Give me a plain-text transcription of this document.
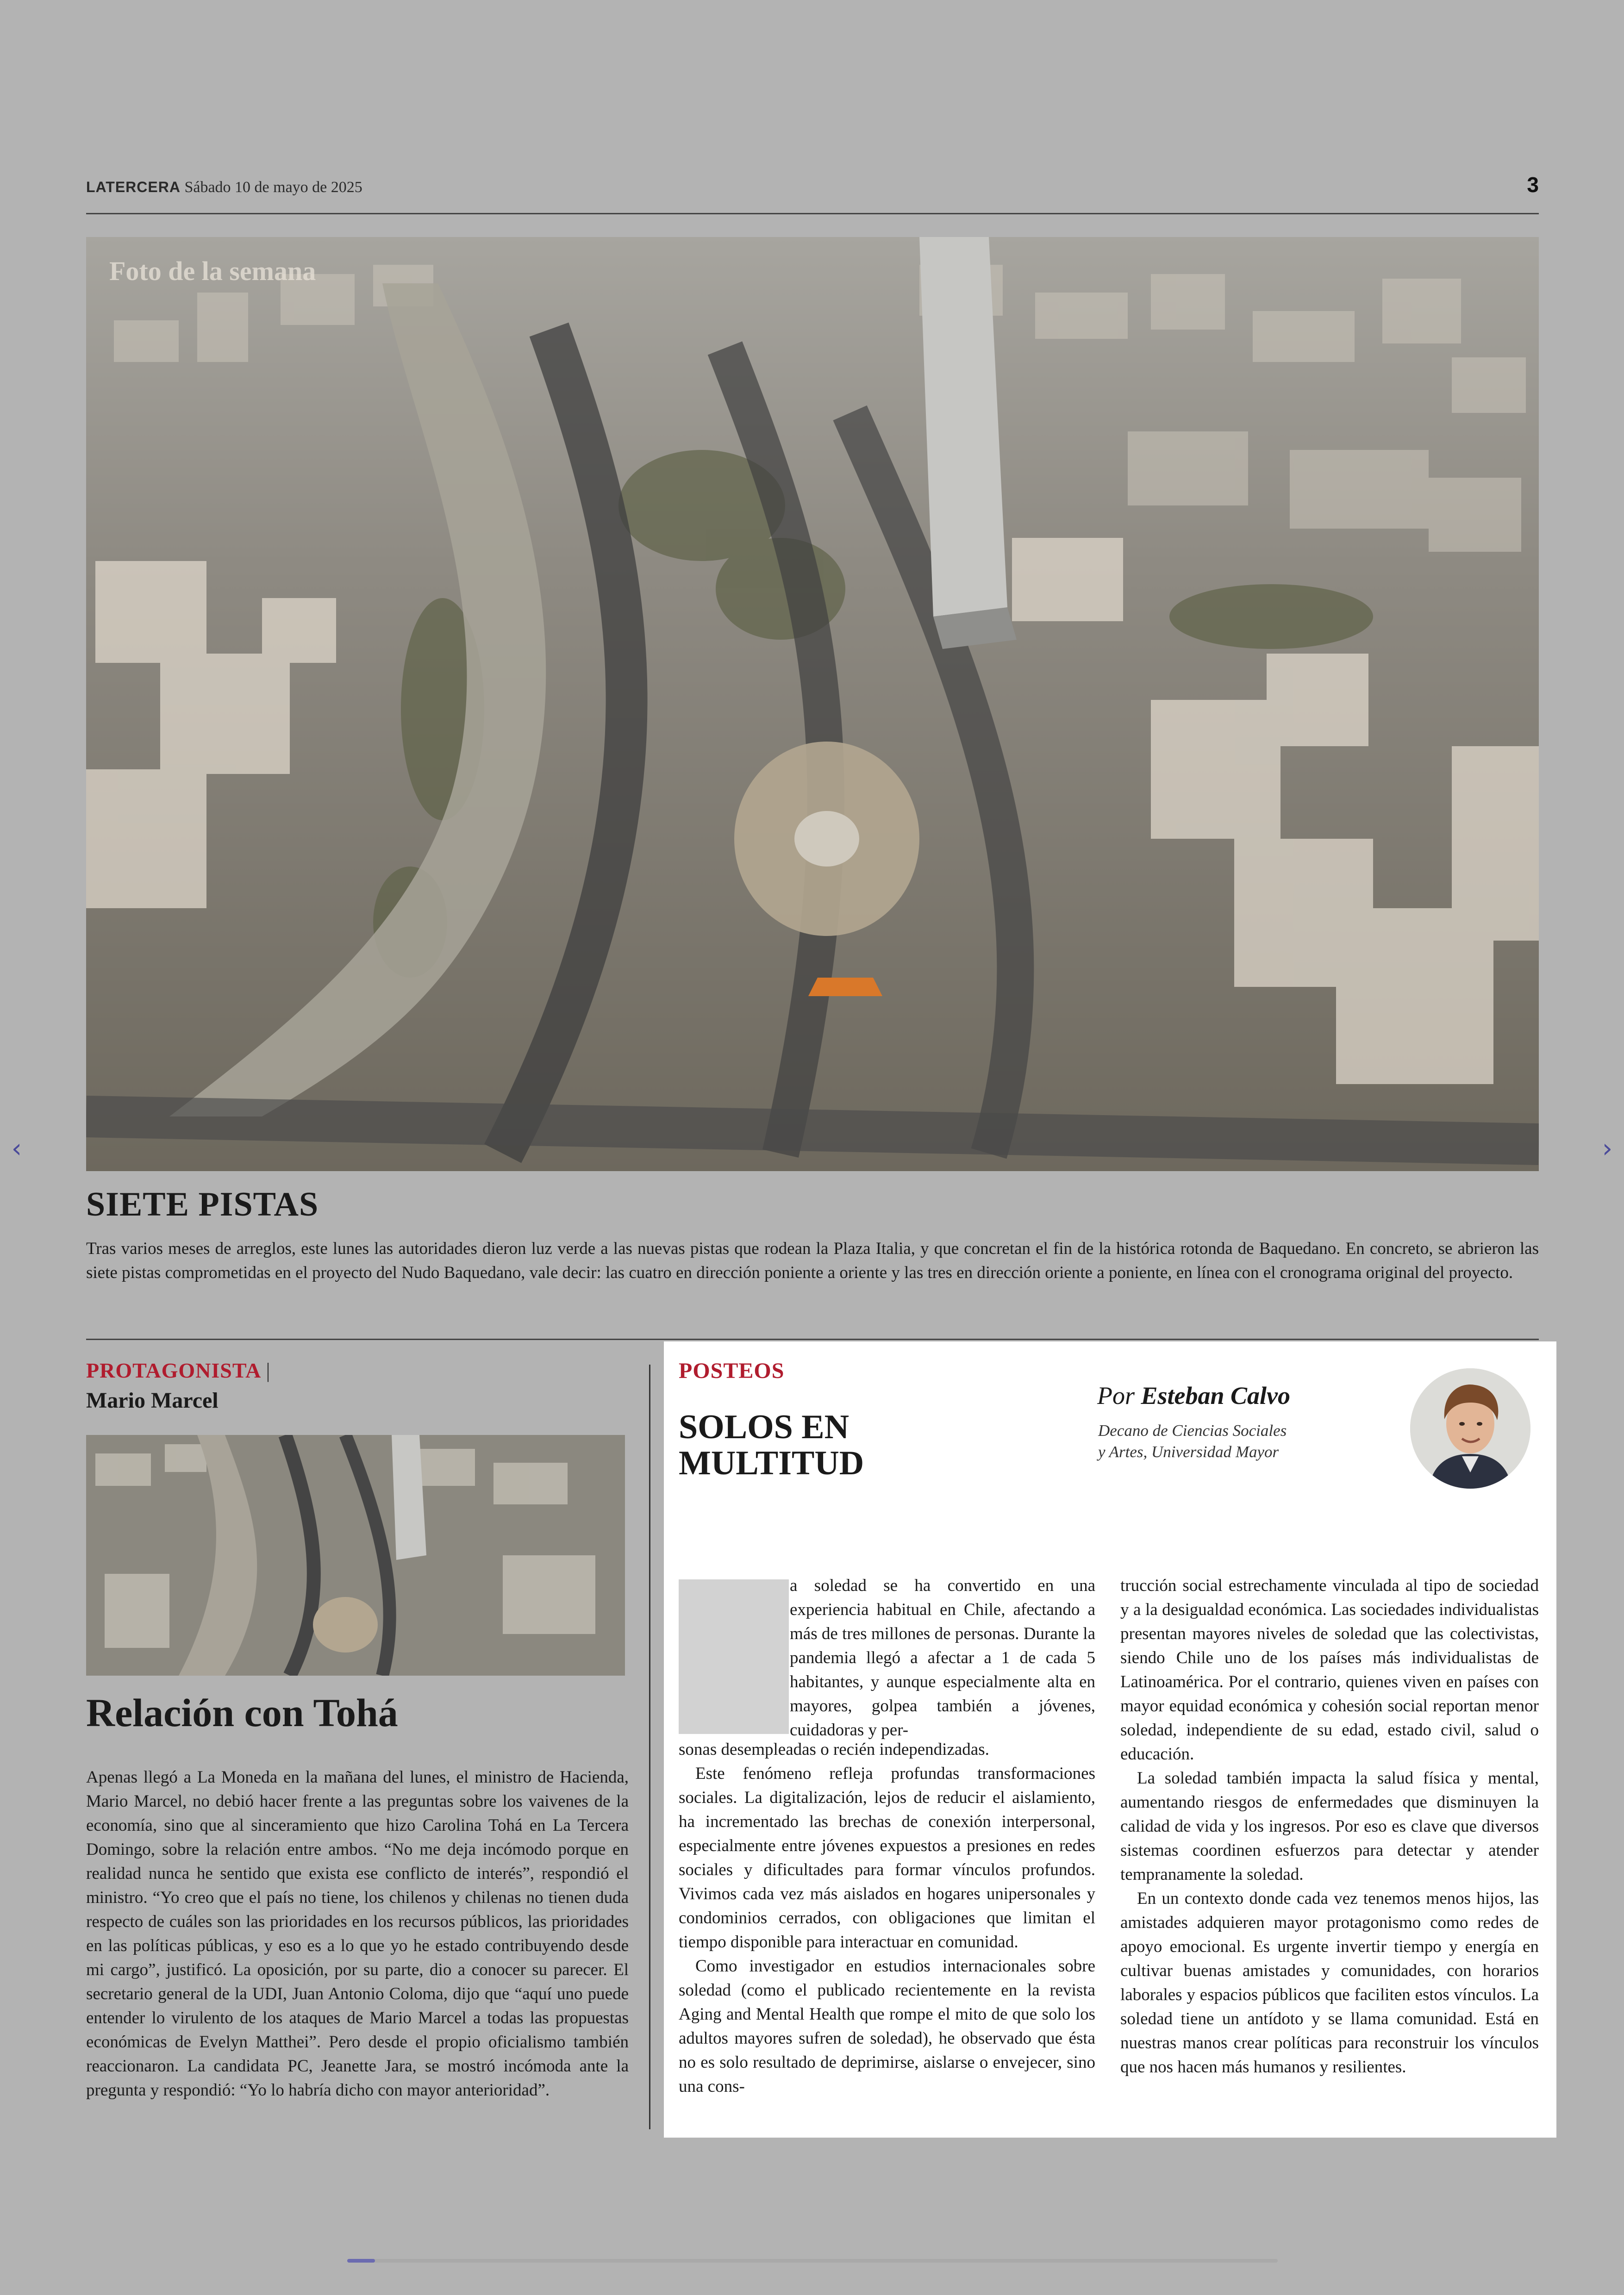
LATERCERA Sábado 10 de mayo de 2025	3
Foto de la semana
‹	›
SIETE PISTAS
Tras varios meses de arreglos, este lunes las autoridades dieron luz verde a las nuevas pistas que rodean la Plaza Italia, y que concretan el fin de la histórica rotonda de Baquedano. En concreto, se abrieron las siete pistas comprometidas en el proyecto del Nudo Baquedano, vale decir: las cuatro en dirección poniente a oriente y las tres en dirección oriente a poniente, en línea con el cronograma original del proyecto.
PROTAGONISTA |
Mario Marcel
Relación con Tohá

Apenas llegó a La Moneda en la mañana del lunes, el ministro de Hacienda, Mario Marcel, no debió hacer frente a las preguntas sobre los vaivenes de la economía, sino que al sinceramiento que hizo Carolina Tohá en La Tercera Domingo, sobre la relación entre ambos. “No me deja incómodo porque en realidad nunca he sentido que exista ese conflicto de interés”, respondió el ministro. “Yo creo que el país no tiene, los chilenos y chilenas no tienen duda respecto de cuáles son las prioridades en los recursos públicos, las prioridades en las políticas públicas, y eso es a lo que yo he estado contribuyendo desde mi cargo”, justificó. La oposición, por su parte, dio a conocer su parecer. El secretario general de la UDI, Juan Antonio Coloma, dijo que “aquí uno puede entender lo virulento de los ataques de Mario Marcel a todas las propuestas económicas de Evelyn Matthei”. Pero desde el propio oficialismo también reaccionaron. La candidata PC, Jeanette Jara, se mostró incómoda ante la pregunta y respondió: “Yo lo habría dicho con mayor anterioridad”.

POSTEOS
SOLOS EN MULTITUD
Por Esteban Calvo
Decano de Ciencias Sociales
y Artes, Universidad Mayor

a soledad se ha convertido en una experiencia habitual en Chile, afectando a más de tres millones de personas. Durante la pandemia llegó a afectar a 1 de cada 5 habitantes, y aunque especialmente alta en mayores, golpea también a jóvenes, cuidadoras y per-

sonas desempleadas o recién independizadas.

Este fenómeno refleja profundas transformaciones sociales. La digitalización, lejos de reducir el aislamiento, ha incrementado las brechas de conexión interpersonal, especialmente entre jóvenes expuestos a presiones en redes sociales y dificultades para formar vínculos profundos. Vivimos cada vez más aislados en hogares unipersonales y condominios cerrados, con obligaciones que limitan el tiempo disponible para interactuar en comunidad.

Como investigador en estudios internacionales sobre soledad (como el publicado recientemente en la revista Aging and Mental Health que rompe el mito de que solo los adultos mayores sufren de soledad), he observado que ésta no es solo resultado de deprimirse, aislarse o envejecer, sino una cons-

trucción social estrechamente vinculada al tipo de sociedad y a la desigualdad económica. Las sociedades individualistas presentan mayores niveles de soledad que las colectivistas, siendo Chile uno de los países más individualistas de Latinoamérica. Por el contrario, quienes viven en países con mayor equidad económica y cohesión social reportan menor soledad, independiente de su edad, estado civil, salud o educación.

La soledad también impacta la salud física y mental, aumentando riesgos de enfermedades que disminuyen la calidad de vida y los ingresos. Por eso es clave que diversos sistemas coordinen esfuerzos para detectar y atender tempranamente la soledad.

En un contexto donde cada vez tenemos menos hijos, las amistades adquieren mayor protagonismo como redes de apoyo emocional. Es urgente invertir tiempo y energía en cultivar buenas amistades y comunidades, con horarios laborales y espacios públicos que faciliten estos vínculos. La soledad tiene un antídoto y se llama comunidad. Está en nuestras manos crear políticas para reconstruir los vínculos que nos hacen más humanos y resilientes.
